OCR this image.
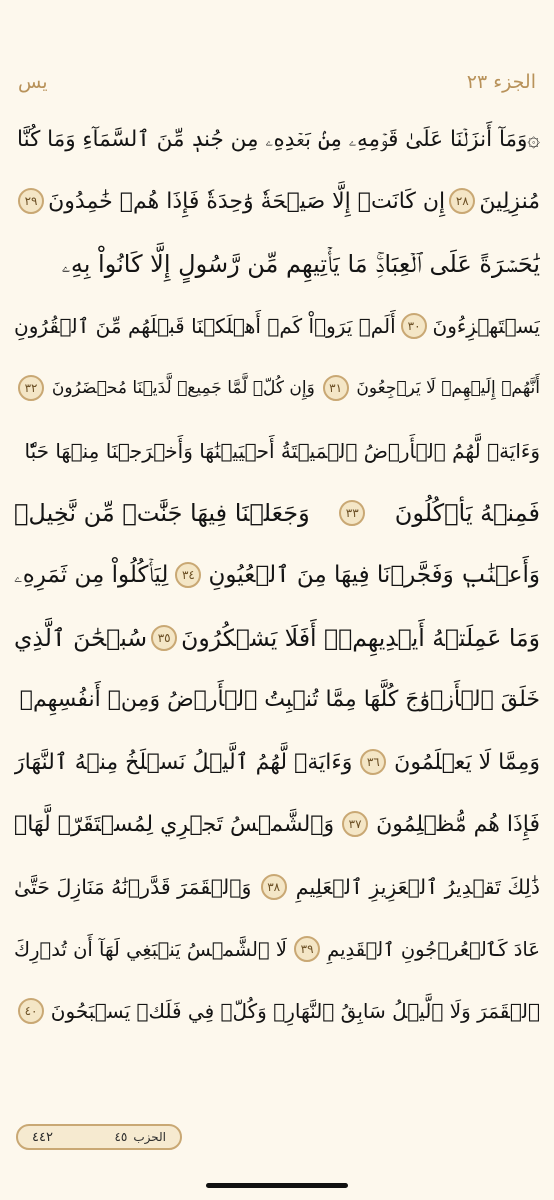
يس	الجزء ٢٣
۞وَمَآ أَنزَلۡنَا عَلَىٰ قَوۡمِهِۦ مِنۢ بَعۡدِهِۦ مِن جُندٖ مِّنَ ٱلسَّمَآءِ وَمَا كُنَّا
مُنزِلِينَ
٢٨
إِن كَانَتۡ إِلَّا صَيۡحَةٗ وَٰحِدَةٗ فَإِذَا هُمۡ خَٰمِدُونَ
٢٩
يَٰحَسۡرَةً عَلَى ٱلۡعِبَادِۚ مَا يَأۡتِيهِم مِّن رَّسُولٍ إِلَّا كَانُواْ بِهِۦ
يَسۡتَهۡزِءُونَ
٣٠
أَلَمۡ يَرَوۡاْ كَمۡ أَهۡلَكۡنَا قَبۡلَهُم مِّنَ ٱلۡقُرُونِ
أَنَّهُمۡ إِلَيۡهِمۡ لَا يَرۡجِعُونَ
٣١
وَإِن كُلّٞ لَّمَّا جَمِيعٞ لَّدَيۡنَا مُحۡضَرُونَ
٣٢
وَءَايَةٞ لَّهُمُ ٱلۡأَرۡضُ ٱلۡمَيۡتَةُ أَحۡيَيۡنَٰهَا وَأَخۡرَجۡنَا مِنۡهَا حَبّٗا
فَمِنۡهُ يَأۡكُلُونَ
٣٣
وَجَعَلۡنَا فِيهَا جَنَّٰتٖ مِّن نَّخِيلٖ
وَأَعۡنَٰبٖ وَفَجَّرۡنَا فِيهَا مِنَ ٱلۡعُيُونِ
٣٤
لِيَأۡكُلُواْ مِن ثَمَرِهِۦ
وَمَا عَمِلَتۡهُ أَيۡدِيهِمۡۚ أَفَلَا يَشۡكُرُونَ
٣٥
سُبۡحَٰنَ ٱلَّذِي
خَلَقَ ٱلۡأَزۡوَٰجَ كُلَّهَا مِمَّا تُنۢبِتُ ٱلۡأَرۡضُ وَمِنۡ أَنفُسِهِمۡ
وَمِمَّا لَا يَعۡلَمُونَ
٣٦
وَءَايَةٞ لَّهُمُ ٱلَّيۡلُ نَسۡلَخُ مِنۡهُ ٱلنَّهَارَ
فَإِذَا هُم مُّظۡلِمُونَ
٣٧
وَٱلشَّمۡسُ تَجۡرِي لِمُسۡتَقَرّٖ لَّهَاۚ
ذَٰلِكَ تَقۡدِيرُ ٱلۡعَزِيزِ ٱلۡعَلِيمِ
٣٨
وَٱلۡقَمَرَ قَدَّرۡنَٰهُ مَنَازِلَ حَتَّىٰ
عَادَ كَٱلۡعُرۡجُونِ ٱلۡقَدِيمِ
٣٩
لَا ٱلشَّمۡسُ يَنۢبَغِي لَهَآ أَن تُدۡرِكَ
ٱلۡقَمَرَ وَلَا ٱلَّيۡلُ سَابِقُ ٱلنَّهَارِۚ وَكُلّٞ فِي فَلَكٖ يَسۡبَحُونَ
٤٠
الحزب
٤٥
٤٤٢
